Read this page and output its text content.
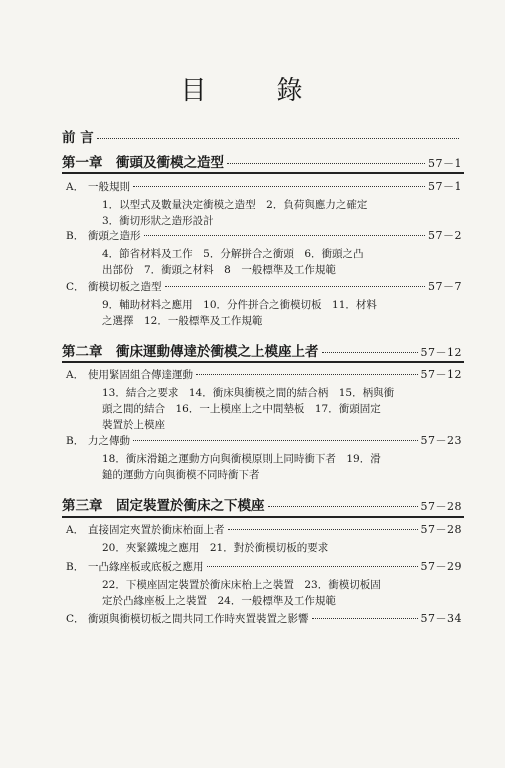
目　錄
前 言
第一章　衝頭及衝模之造型	57－1
A． 一般規則	57－1
1．以型式及數量決定衝模之造型　2．負荷與應力之確定
3．衝切形狀之造形設計
B． 衝頭之造形	57－2
4．節省材料及工作　5．分解拼合之衝頭　6．衝頭之凸
出部份　7．衝頭之材料　8　一般標準及工作規範
C． 衝模切板之造型	57－7
9．輔助材料之應用　10．分件拼合之衝模切板　11．材料
之選擇　12．一般標準及工作規範
第二章　衝床運動傳達於衝模之上模座上者	57－12
A． 使用緊固組合傳達運動	57－12
13．結合之要求　14．衝床與衝模之間的結合柄　15．柄與衝
頭之間的結合　16．一上模座上之中間墊板　17．衝頭固定
裝置於上模座
B． 力之傳動	57－23
18．衝床滑鎚之運動方向與衝模原則上同時衝下者　19．滑
鎚的運動方向與衝模不同時衝下者
第三章　固定裝置於衝床之下模座	57－28
A． 直接固定夾置於衝床枱面上者	57－28
20．夾緊鐵塊之應用　21．對於衝模切板的要求
B． 一凸緣座板或底板之應用	57－29
22．下模座固定裝置於衝床床枱上之裝置　23．衝模切板固
定於凸緣座板上之裝置　24．一般標準及工作規範
C． 衝頭與衝模切板之間共同工作時夾置裝置之影響	57－34
